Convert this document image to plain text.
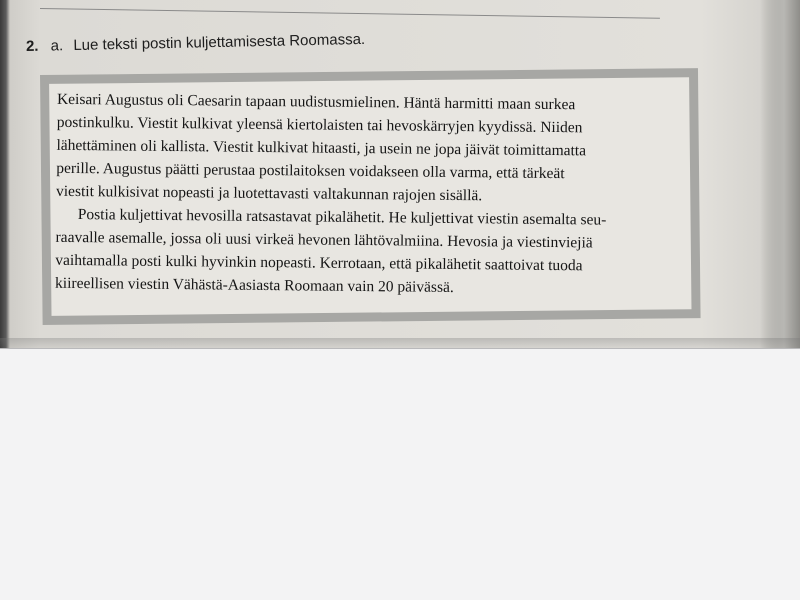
2. a. Lue teksti postin kuljettamisesta Roomassa.
Keisari Augustus oli Caesarin tapaan uudistusmielinen. Häntä harmitti maan surkea
postinkulku. Viestit kulkivat yleensä kiertolaisten tai hevoskärryjen kyydissä. Niiden
lähettäminen oli kallista. Viestit kulkivat hitaasti, ja usein ne jopa jäivät toimittamatta
perille. Augustus päätti perustaa postilaitoksen voidakseen olla varma, että tärkeät
viestit kulkisivat nopeasti ja luotettavasti valtakunnan rajojen sisällä.
Postia kuljettivat hevosilla ratsastavat pikalähetit. He kuljettivat viestin asemalta seu-
raavalle asemalle, jossa oli uusi virkeä hevonen lähtövalmiina. Hevosia ja viestinviejiä
vaihtamalla posti kulki hyvinkin nopeasti. Kerrotaan, että pikalähetit saattoivat tuoda
kiireellisen viestin Vähästä-Aasiasta Roomaan vain 20 päivässä.
